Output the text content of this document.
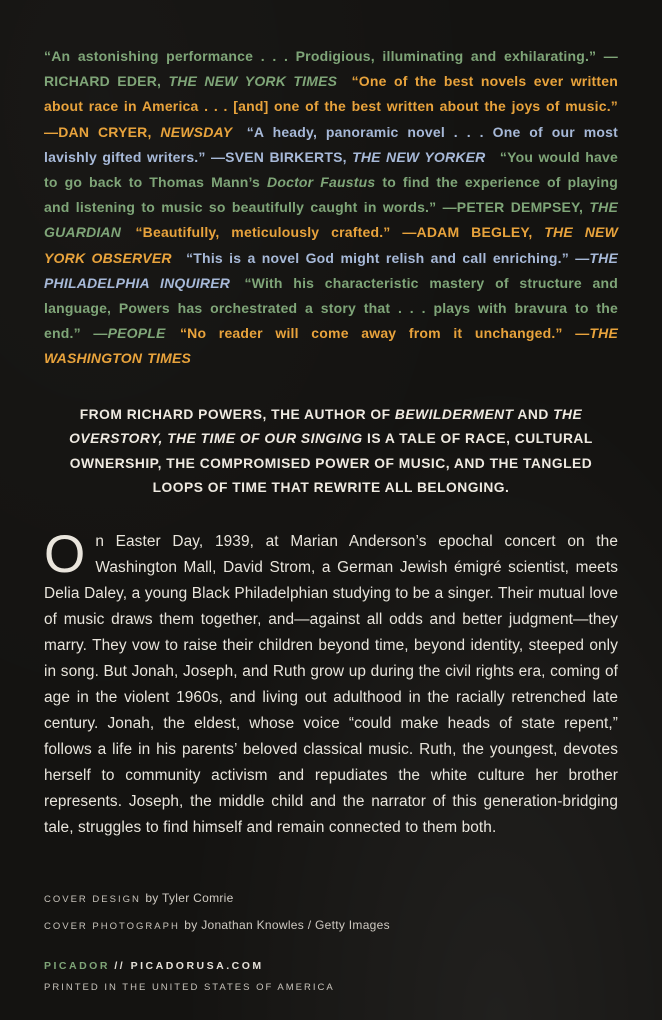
“An astonishing performance . . . Prodigious, illuminating and exhilarating.” —RICHARD EDER, THE NEW YORK TIMES   “One of the best novels ever written about race in America . . . [and] one of the best written about the joys of music.” —DAN CRYER, NEWSDAY   “A heady, panoramic novel . . . One of our most lavishly gifted writers.” —SVEN BIRKERTS, THE NEW YORKER   “You would have to go back to Thomas Mann’s Doctor Faustus to find the experience of playing and listening to music so beautifully caught in words.” —PETER DEMPSEY, THE GUARDIAN   “Beautifully, meticulously crafted.” —ADAM BEGLEY, THE NEW YORK OBSERVER   “This is a novel God might relish and call enriching.” —THE PHILADELPHIA INQUIRER   “With his characteristic mastery of structure and language, Powers has orchestrated a story that . . . plays with bravura to the end.” —PEOPLE   “No reader will come away from it unchanged.” —THE WASHINGTON TIMES

FROM RICHARD POWERS, THE AUTHOR OF BEWILDERMENT AND THE OVERSTORY, THE TIME OF OUR SINGING IS A TALE OF RACE, CULTURAL OWNERSHIP, THE COMPROMISED POWER OF MUSIC, AND THE TANGLED LOOPS OF TIME THAT REWRITE ALL BELONGING.
On Easter Day, 1939, at Marian Anderson’s epochal concert on the Washington Mall, David Strom, a German Jewish émigré scientist, meets Delia Daley, a young Black Philadelphian studying to be a singer. Their mutual love of music draws them together, and—against all odds and better judgment—they marry. They vow to raise their children beyond time, beyond identity, steeped only in song. But Jonah, Joseph, and Ruth grow up during the civil rights era, coming of age in the violent 1960s, and living out adulthood in the racially retrenched late century. Jonah, the eldest, whose voice “could make heads of state repent,” follows a life in his parents’ beloved classical music. Ruth, the youngest, devotes herself to community activism and repudiates the white culture her brother represents. Joseph, the middle child and the narrator of this generation-bridging tale, struggles to find himself and remain connected to them both.

COVER DESIGN by Tyler Comrie

COVER PHOTOGRAPH by Jonathan Knowles / Getty Images

PICADOR // PICADORUSA.COM

PRINTED IN THE UNITED STATES OF AMERICA
